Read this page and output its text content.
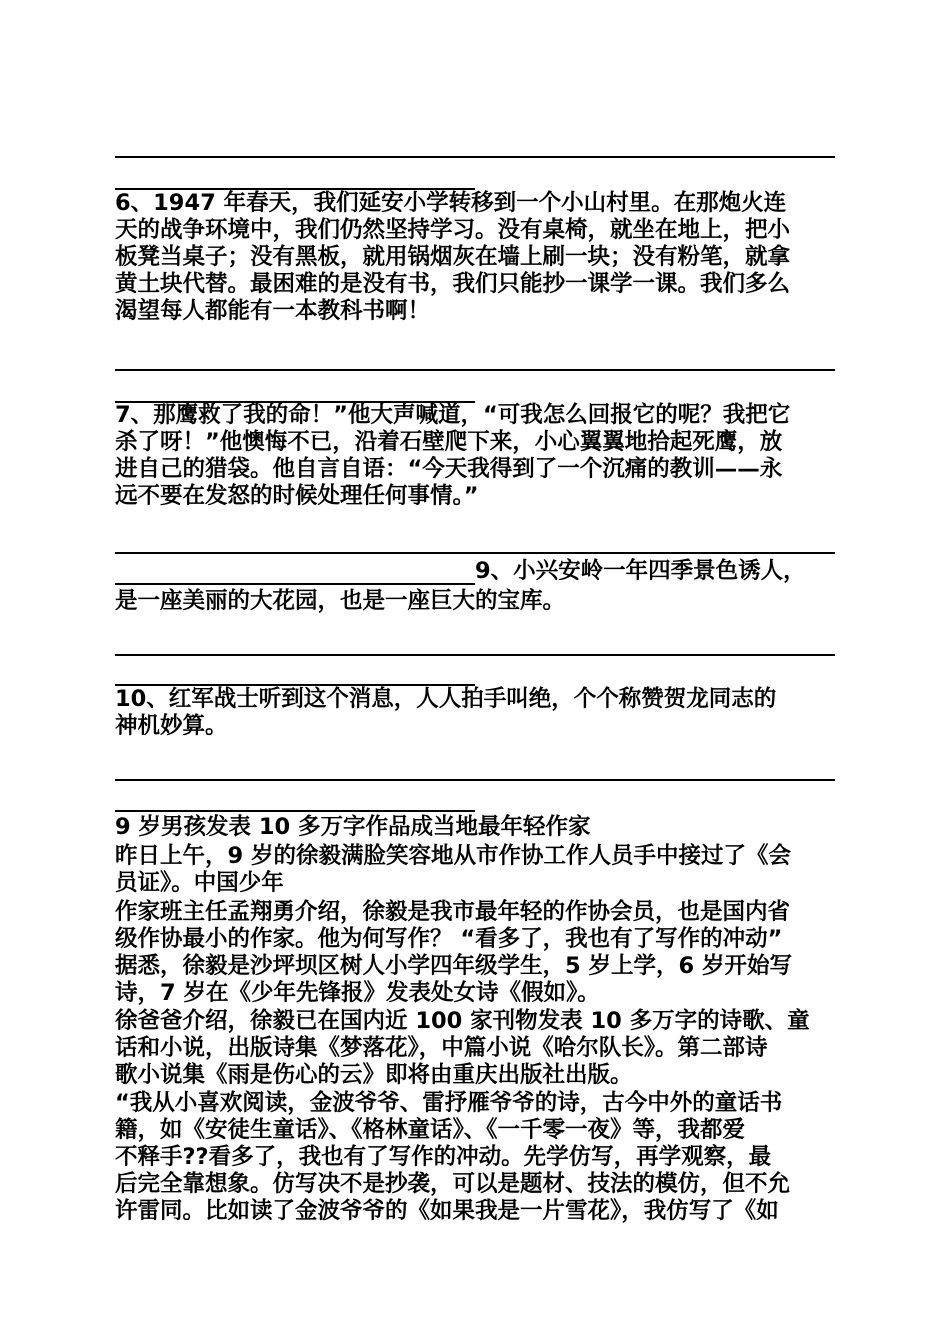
6、1947 年春天，我们延安小学转移到一个小山村里。在那炮火连
天的战争环境中，我们仍然坚持学习。没有桌椅，就坐在地上，把小
板凳当桌子；没有黑板，就用锅烟灰在墙上刷一块；没有粉笔，就拿
黄土块代替。最困难的是没有书，我们只能抄一课学一课。我们多么
渴望每人都能有一本教科书啊！
7、那鹰救了我的命！”他大声喊道，“可我怎么回报它的呢？我把它
杀了呀！”他懊悔不已，沿着石壁爬下来，小心翼翼地拾起死鹰，放
进自己的猎袋。他自言自语：“今天我得到了一个沉痛的教训——永
远不要在发怒的时候处理任何事情。”
9、小兴安岭一年四季景色诱人，
是一座美丽的大花园，也是一座巨大的宝库。
10、红军战士听到这个消息，人人拍手叫绝，个个称赞贺龙同志的
神机妙算。
9 岁男孩发表 10 多万字作品成当地最年轻作家
昨日上午，9 岁的徐毅满脸笑容地从市作协工作人员手中接过了《会
员证》。中国少年
作家班主任孟翔勇介绍，徐毅是我市最年轻的作协会员，也是国内省
级作协最小的作家。他为何写作？ “看多了，我也有了写作的冲动”
据悉，徐毅是沙坪坝区树人小学四年级学生，5 岁上学，6 岁开始写
诗，7 岁在《少年先锋报》发表处女诗《假如》。
徐爸爸介绍，徐毅已在国内近 100 家刊物发表 10 多万字的诗歌、童
话和小说，出版诗集《梦落花》，中篇小说《哈尔队长》。第二部诗
歌小说集《雨是伤心的云》即将由重庆出版社出版。
“我从小喜欢阅读，金波爷爷、雷抒雁爷爷的诗，古今中外的童话书
籍，如《安徒生童话》、《格林童话》、《一千零一夜》等，我都爱
不释手??看多了，我也有了写作的冲动。先学仿写，再学观察，最
后完全靠想象。仿写决不是抄袭，可以是题材、技法的模仿，但不允
许雷同。比如读了金波爷爷的《如果我是一片雪花》，我仿写了《如
